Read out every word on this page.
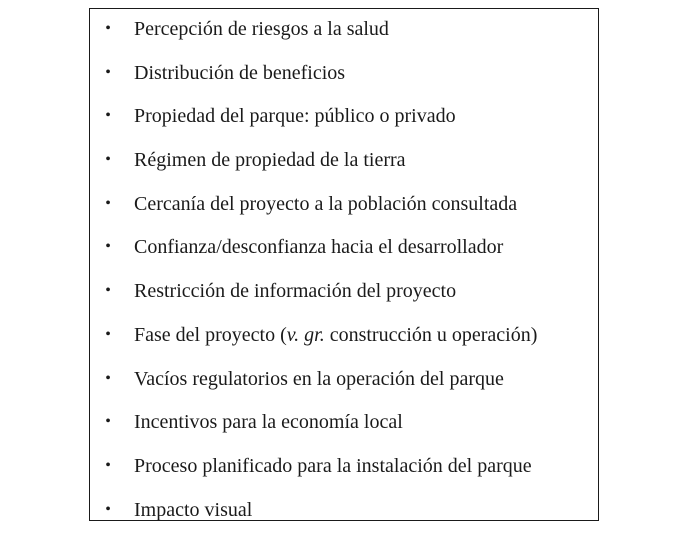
• Percepción de riesgos a la salud
• Distribución de beneficios
• Propiedad del parque: público o privado
• Régimen de propiedad de la tierra
• Cercanía del proyecto a la población consultada
• Confianza/desconfianza hacia el desarrollador
• Restricción de información del proyecto
• Fase del proyecto (v. gr. construcción u operación)
• Vacíos regulatorios en la operación del parque
• Incentivos para la economía local
• Proceso planificado para la instalación del parque
• Impacto visual
